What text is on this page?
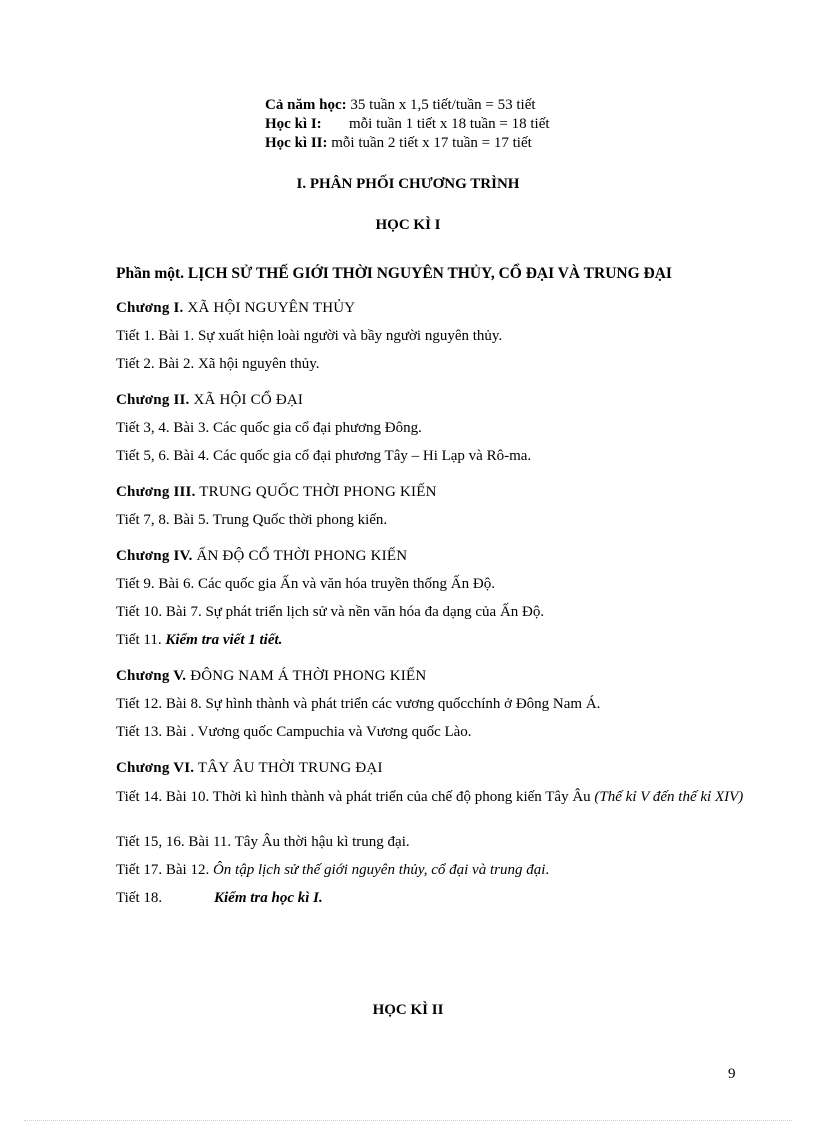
Cả năm học: 35 tuần x 1,5 tiết/tuần = 53 tiết
Học kì I: mỗi tuần 1 tiết x 18 tuần = 18 tiết
Học kì II: mỗi tuần 2 tiết x 17 tuần = 17 tiết
I. PHÂN PHỐI CHƯƠNG TRÌNH
HỌC KÌ I
Phần một. LỊCH SỬ THẾ GIỚI THỜI NGUYÊN THỦY, CỔ ĐẠI VÀ TRUNG ĐẠI
Chương I. XÃ HỘI NGUYÊN THỦY
Tiết 1. Bài 1. Sự xuất hiện loài người và bầy người nguyên thủy.
Tiết 2. Bài 2. Xã hội nguyên thủy.
Chương II. XÃ HỘI CỔ ĐẠI
Tiết 3, 4. Bài 3. Các quốc gia cổ đại phương Đông.
Tiết 5, 6. Bài 4. Các quốc gia cổ đại phương Tây – Hi Lạp và Rô-ma.
Chương III. TRUNG QUỐC THỜI PHONG KIẾN
Tiết 7, 8. Bài 5. Trung Quốc thời phong kiến.
Chương IV. ẤN ĐỘ CỔ THỜI PHONG KIẾN
Tiết 9. Bài 6. Các quốc gia Ấn và văn hóa truyền thống Ấn Độ.
Tiết 10. Bài 7. Sự phát triển lịch sử và nền văn hóa đa dạng của Ấn Độ.
Tiết 11. Kiểm tra viết 1 tiết.
Chương V. ĐÔNG NAM Á THỜI PHONG KIẾN
Tiết 12. Bài 8. Sự hình thành và phát triển các vương quốcchính ở Đông Nam Á.
Tiết 13. Bài . Vương quốc Campuchia và Vương quốc Lào.
Chương VI. TÂY ÂU THỜI TRUNG ĐẠI
Tiết 14. Bài 10. Thời kì hình thành và phát triển của chế độ phong kiến Tây Âu (Thế kỉ V đến thế kỉ XIV)
Tiết 15, 16. Bài 11. Tây Âu thời hậu kì trung đại.
Tiết 17. Bài 12. Ôn tập lịch sử thế giới nguyên thủy, cổ đại và trung đại.
Tiết 18.	Kiểm tra học kì I.
HỌC KÌ II
9
